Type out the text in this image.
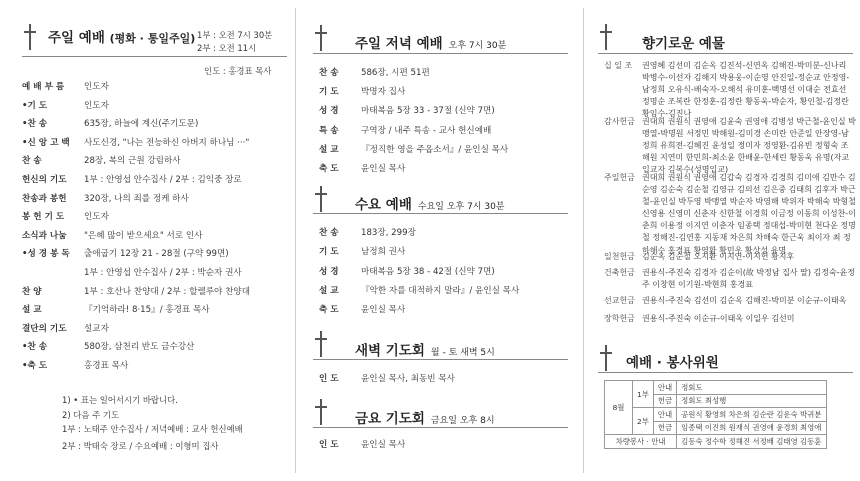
주일 예배 (평화 · 통일주일) 1부 : 오전 7시 30분
2부 : 오전 11시
인도 : 홍경표 목사
예 배 부 름	인도자
•기 도	인도자
•찬 송	635장, 하늘에 계신(주기도문)
•신 앙 고 백	사도신경, "나는 전능하신 아버지 하나님 ···"
찬 송	28장, 복의 근원 강림하사
헌신의 기도	1부 : 안영섭 안수집사 / 2부 : 김익중 장로
찬송과 봉헌	320장, 나의 죄를 정케 하사
봉 헌 기 도	인도자
소식과 나눔	"은혜 많이 받으세요" 서로 인사
•성 경 봉 독	출애굽기 12장 21 - 28절 (구약 99면)
1부 : 안영섭 안수집사 / 2부 : 박순자 권사
찬 양	1부 : 호산나 찬양대 / 2부 : 할렐루야 찬양대
설 교	『기억하라! 8·15』/ 홍경표 목사
결단의 기도	설교자
•찬 송	580장, 삼천리 반도 금수강산
•축 도	홍경표 목사
1) • 표는 일어서시기 바랍니다.
2) 다음 주 기도
1부 : 노태주 안수집사 / 저녁예배 : 교사 헌신예배
2부 : 박태숙 장로 / 수요예배 : 이형미 집사
주일 저녁 예배 오후 7시 30분
찬 송	586장, 시편 51편
기 도	박명자 집사
성 경	마태복음 5장 33 - 37절 (신약 7면)
특 송	구역장 / 내주 특송 - 교사 헌신예배
설 교	『정직한 영을 주옵소서』/ 윤인실 목사
축 도	윤인실 목사
수요 예배 수요일 오후 7시 30분
찬 송	183장, 299장
기 도	남정희 권사
성 경	마태복음 5장 38 - 42절 (신약 7면)
설 교	『악한 자를 대적하지 말라』/ 윤인실 목사
축 도	윤인실 목사
새벽 기도회 월 - 토 새벽 5시
인 도	윤인실 목사, 최동빈 목사
금요 기도회 금요일 오후 8시
인 도	윤인실 목사
향기로운 예물
십 일 조	권영혜 김선미 김순옥 김진석-신연옥 김해진-박미분-신나리 박병수-이선자 김해지 박용웅-이순영 안진일-정순교 안정영-남정희 오유식-배숙자-오해석 유미훈-백명선 이대순 전효선 정명순 조복란 한정훈-김정란 황동욱-박순자, 황인철-김정란 황임수-김진나
감사헌금 권대희 권원식 권영애 김윤숙 권영애 김병성 박근철-윤인실 박맹열-박명원 서정민 박해원-김미경 손미란 안준일 안장영-남정희 유희전-김혜진 윤성일 정미자 정영환-김유빈 정형숙 조해원 지연미 한민희-최소윤 한배윤-한세린 황동욱 유명(자교입교자 김복수(성명입교)
주일헌금 권대희 권원식 권영애 김갑숙 김경자 김경희 김미애 김만수 김순영 김순숙 김순철 김영규 김의선 김은중 김태희 김후자 박근철-윤인실 박두영 박맹열 박순자 박영해 박위자 박해숙 박형철 신영용 신영미 신춘자 신한철 이경희 이금정 이동희 이성찬-이춘희 이용정 이지연 이춘자 임종택 정대섭-박미현 천다운 정명철 정해진-김연홍 지동재 차은희 차해숙 한근욱 최이자 최 정 하해수 홍경표 황영환 황민우 황상성 유명
일천헌금 김순옥 김순철 오지환 이지연-이지헌 황지후
건축헌금 권용식-주진숙 김경자 김순이(故 박정남 집사 딸) 김정숙-윤정주 이창현 이기원-박현희 홍경표
선교헌금 권용식-주진숙 김선미 김순옥 김해진-박미분 이순규-이태옥
장학헌금 권용식-주진숙 이순규-이태옥 이일우 김선미
예배 · 봉사위원
8월	1부	안내	정회도
		헌금	정회도 최성행
	2부	안내	공원식 황영희 차은희 김순란 김운숙 박귀분
		헌금	임종택 이진희 원재식 권영애 윤경희 최영애
차량봉사 · 안내			김동숙 정수학 정해진 서정배 김태영 김동훈
